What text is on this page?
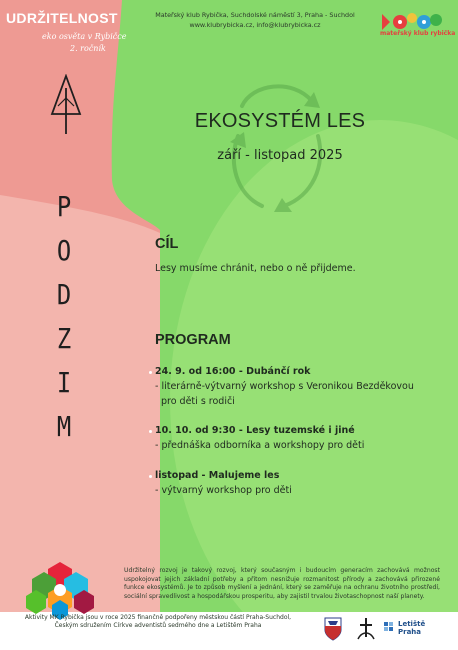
UDRŽITELNOST
eko osvěta v Rybičce
2. ročník
Mateřský klub Rybička, Suchdolské náměstí 3, Praha - Suchdol
www.klubrybicka.cz, info@klubrybicka.cz
mateřský klub rybička
EKOSYSTÉM LES
září - listopad 2025
P
O
D
Z
I
M
CÍL
Lesy musíme chránit, nebo o ně přijdeme.
PROGRAM
24. 9. od 16:00 - Dubánčí rok
- literárně-výtvarný workshop s Veronikou Bezděkovou
pro děti s rodiči
10. 10. od 9:30 - Lesy tuzemské i jiné
- přednáška odborníka a workshopy pro děti
listopad - Malujeme les
- výtvarný workshop pro děti
Udržitelný rozvoj je takový rozvoj, který současným i budoucím generacím zachovává možnost uspokojovat jejich základní potřeby a přitom nesnižuje rozmanitost přírody a zachovává přirozené funkce ekosystémů. Je to způsob myšlení a jednání, který se zaměřuje na ochranu životního prostředí, sociální spravedlivost a hospodářskou prosperitu, aby zajistil trvalou životaschopnost naší planety.
Aktivity MK Rybička jsou v roce 2025 finančně podpořeny městskou částí Praha-Suchdol,
Českým sdružením Církve adventistů sedmého dne a Letištěm Praha	Letiště
Praha
